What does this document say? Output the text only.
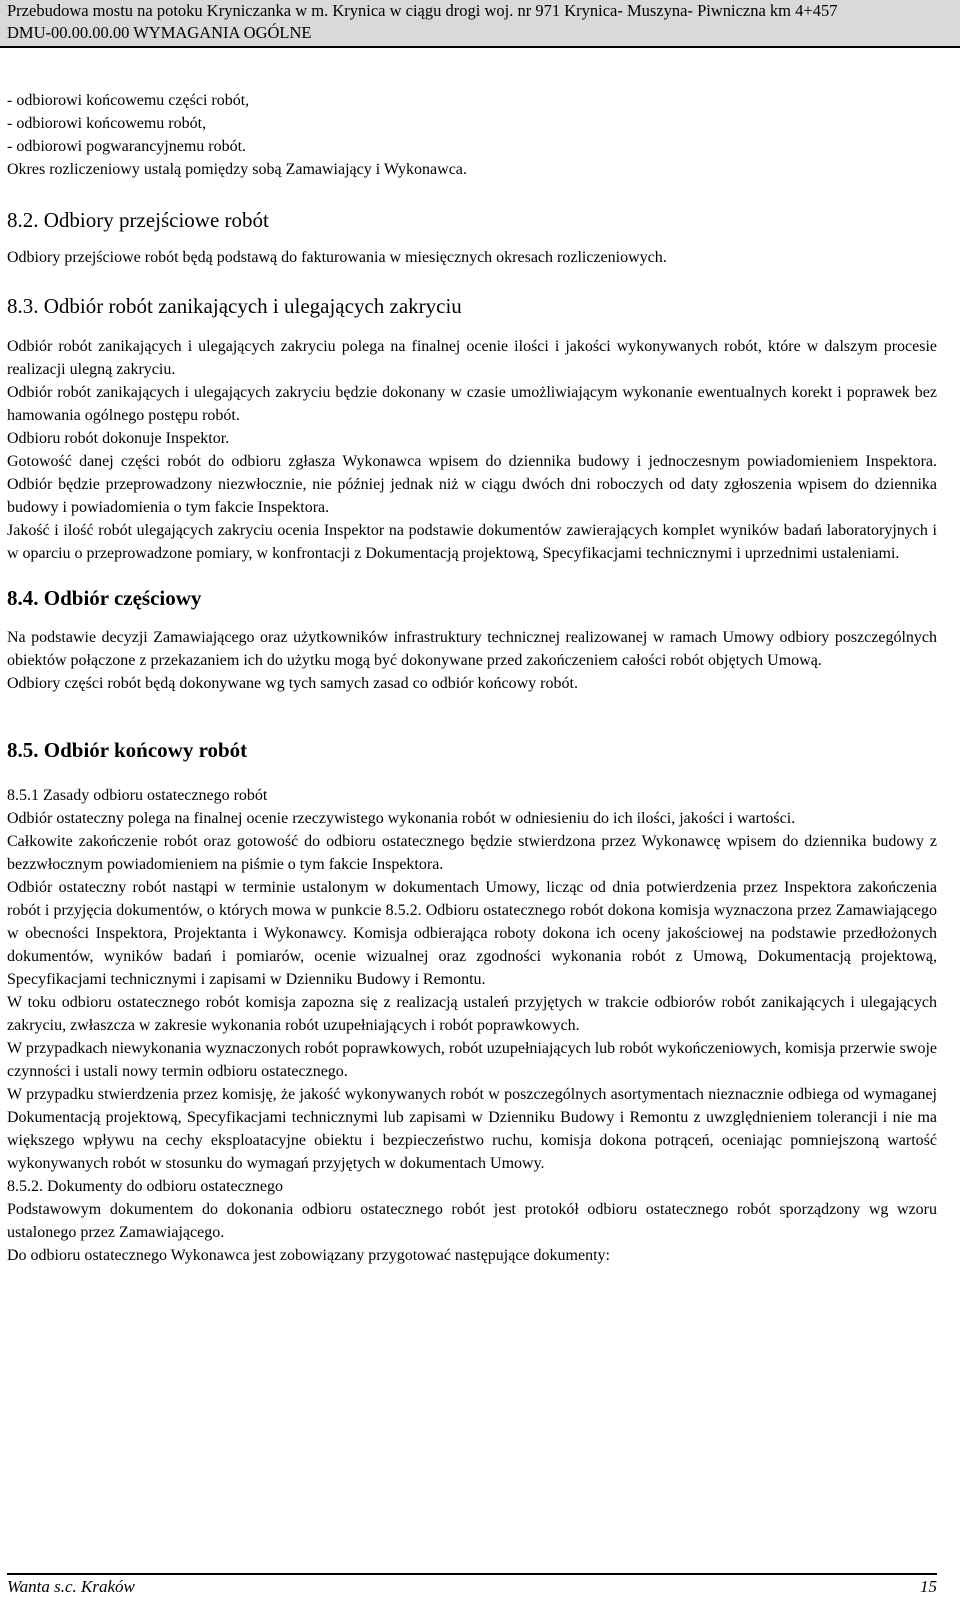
Przebudowa mostu na potoku Kryniczanka w m. Krynica w ciągu drogi woj. nr 971 Krynica- Muszyna- Piwniczna km 4+457
DMU-00.00.00.00 WYMAGANIA OGÓLNE

- odbiorowi końcowemu części robót,

- odbiorowi końcowemu robót,

- odbiorowi pogwarancyjnemu robót.

Okres rozliczeniowy ustalą pomiędzy sobą Zamawiający i Wykonawca.

8.2. Odbiory przejściowe robót

Odbiory przejściowe robót będą podstawą do fakturowania w miesięcznych okresach rozliczeniowych.

8.3. Odbiór robót zanikających i ulegających zakryciu

Odbiór robót zanikających i ulegających zakryciu polega na finalnej ocenie ilości i jakości wykonywanych robót, które w dalszym procesie realizacji ulegną zakryciu.

Odbiór robót zanikających i ulegających zakryciu będzie dokonany w czasie umożliwiającym wykonanie ewentualnych korekt i poprawek bez hamowania ogólnego postępu robót.

Odbioru robót dokonuje Inspektor.

Gotowość danej części robót do odbioru zgłasza Wykonawca wpisem do dziennika budowy i jednoczesnym powiadomieniem Inspektora. Odbiór będzie przeprowadzony niezwłocznie, nie później jednak niż w ciągu dwóch dni roboczych od daty zgłoszenia wpisem do dziennika budowy i powiadomienia o tym fakcie Inspektora.

Jakość i ilość robót ulegających zakryciu ocenia Inspektor na podstawie dokumentów zawierających komplet wyników badań laboratoryjnych i w oparciu o przeprowadzone pomiary, w konfrontacji z Dokumentacją projektową, Specyfikacjami technicznymi i uprzednimi ustaleniami.

8.4. Odbiór częściowy

Na podstawie decyzji Zamawiającego oraz użytkowników infrastruktury technicznej realizowanej w ramach Umowy odbiory poszczególnych obiektów połączone z przekazaniem ich do użytku mogą być dokonywane przed zakończeniem całości robót objętych Umową.

Odbiory części robót będą dokonywane wg tych samych zasad co odbiór końcowy robót.

8.5. Odbiór końcowy robót

8.5.1 Zasady odbioru ostatecznego robót

Odbiór ostateczny polega na finalnej ocenie rzeczywistego wykonania robót w odniesieniu do ich ilości, jakości i wartości.

Całkowite zakończenie robót oraz gotowość do odbioru ostatecznego będzie stwierdzona przez Wykonawcę wpisem do dziennika budowy z bezzwłocznym powiadomieniem na piśmie o tym fakcie Inspektora.

Odbiór ostateczny robót nastąpi w terminie ustalonym w dokumentach Umowy, licząc od dnia potwierdzenia przez Inspektora zakończenia robót i przyjęcia dokumentów, o których mowa w punkcie 8.5.2. Odbioru ostatecznego robót dokona komisja wyznaczona przez Zamawiającego w obecności Inspektora, Projektanta i Wykonawcy. Komisja odbierająca roboty dokona ich oceny jakościowej na podstawie przedłożonych dokumentów, wyników badań i pomiarów, ocenie wizualnej oraz zgodności wykonania robót z Umową, Dokumentacją projektową, Specyfikacjami technicznymi i zapisami w Dzienniku Budowy i Remontu.

W toku odbioru ostatecznego robót komisja zapozna się z realizacją ustaleń przyjętych w trakcie odbiorów robót zanikających i ulegających zakryciu, zwłaszcza w zakresie wykonania robót uzupełniających i robót poprawkowych.

W przypadkach niewykonania wyznaczonych robót poprawkowych, robót uzupełniających lub robót wykończeniowych, komisja przerwie swoje czynności i ustali nowy termin odbioru ostatecznego.

W przypadku stwierdzenia przez komisję, że jakość wykonywanych robót w poszczególnych asortymentach nieznacznie odbiega od wymaganej Dokumentacją projektową, Specyfikacjami technicznymi lub zapisami w Dzienniku Budowy i Remontu z uwzględnieniem tolerancji i nie ma większego wpływu na cechy eksploatacyjne obiektu i bezpieczeństwo ruchu, komisja dokona potrąceń, oceniając pomniejszoną wartość wykonywanych robót w stosunku do wymagań przyjętych w dokumentach Umowy.

8.5.2. Dokumenty do odbioru ostatecznego

Podstawowym dokumentem do dokonania odbioru ostatecznego robót jest protokół odbioru ostatecznego robót sporządzony wg wzoru ustalonego przez Zamawiającego.

Do odbioru ostatecznego Wykonawca jest zobowiązany przygotować następujące dokumenty:

Wanta s.c. Kraków	15
